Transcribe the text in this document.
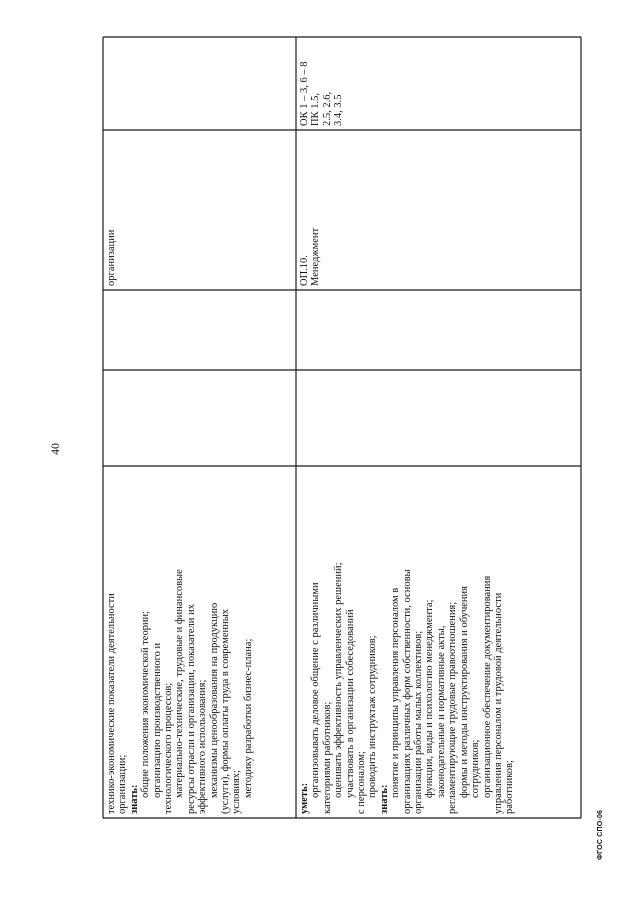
технико-экономические показатели деятельности организации; знать:
общие положения экономической теории; организацию производственного и технологического процессов; материально-технические, трудовые и финансовые ресурсы отрасли и организации, показатели их эффективного использования; механизмы ценообразования на продукцию (услуги), формы оплаты труда в современных условиях; методику разработки бизнес-плана;
организации
уметь:
организовывать деловое общение с различными категориями работников; оценивать эффективность управленческих решений; участвовать в организации собеседований с персоналом; проводить инструктаж сотрудников;
знать:
понятие и принципы управления персоналом в организациях различных форм собственности, основы организации работы малых коллективов; функции, виды и психологию менеджмента; законодательные и нормативные акты, регламентирующие трудовые правоотношения; формы и методы инструктирования и обучения сотрудников; организационное обеспечение документирования управления персоналом и трудовой деятельности работников;
ОП.10. Менеджмент
ОК 1 – 3, 6 – 8 ПК 1.5, 2.5, 2.6, 3.4, 3.5
40
ФГОС СПО-06
